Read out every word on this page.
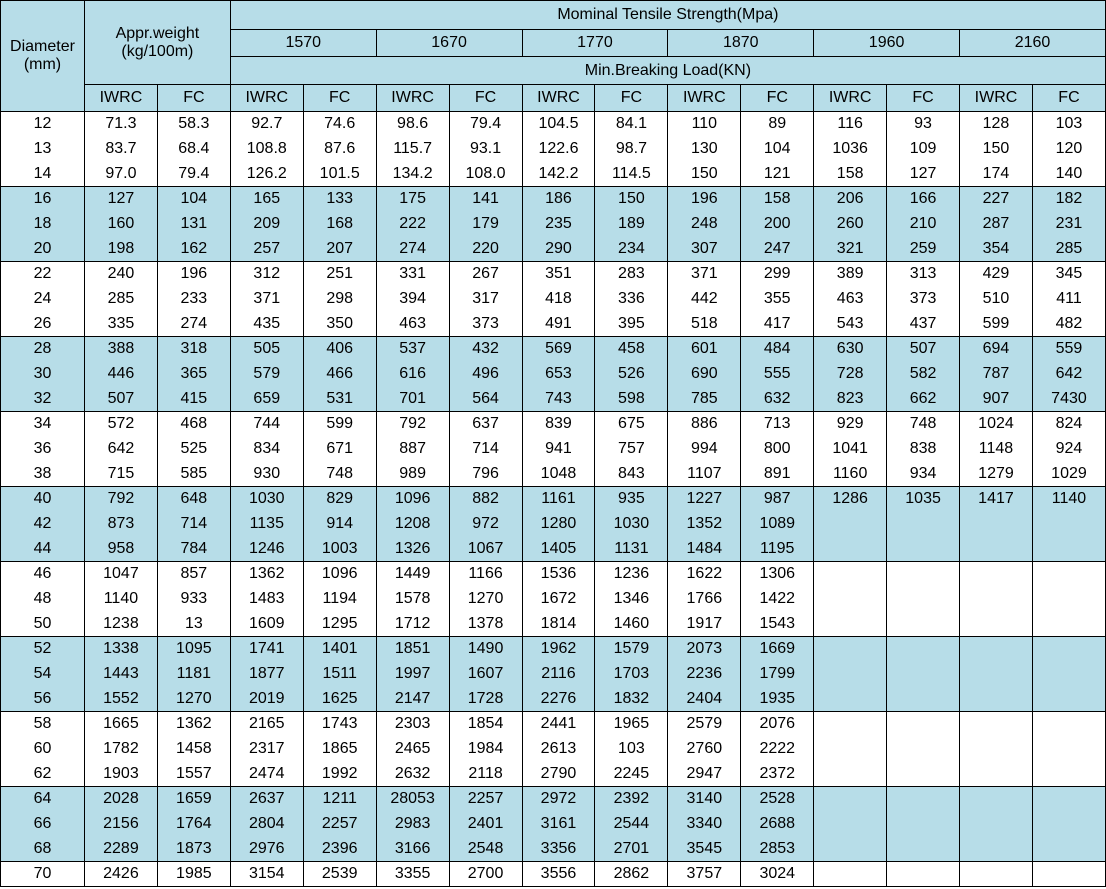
Diameter
(mm)	Appr.weight
(kg/100m)		Mominal Tensile Strength(Mpa)											
			1570		1670		1770		1870		1960		2160	
			Min.Breaking Load(KN)											
	IWRC	FC	IWRC	FC	IWRC	FC	IWRC	FC	IWRC	FC	IWRC	FC	IWRC	FC
12	71.3	58.3	92.7	74.6	98.6	79.4	104.5	84.1	110	89	116	93	128	103
13	83.7	68.4	108.8	87.6	115.7	93.1	122.6	98.7	130	104	1036	109	150	120
14	97.0	79.4	126.2	101.5	134.2	108.0	142.2	114.5	150	121	158	127	174	140
16	127	104	165	133	175	141	186	150	196	158	206	166	227	182
18	160	131	209	168	222	179	235	189	248	200	260	210	287	231
20	198	162	257	207	274	220	290	234	307	247	321	259	354	285
22	240	196	312	251	331	267	351	283	371	299	389	313	429	345
24	285	233	371	298	394	317	418	336	442	355	463	373	510	411
26	335	274	435	350	463	373	491	395	518	417	543	437	599	482
28	388	318	505	406	537	432	569	458	601	484	630	507	694	559
30	446	365	579	466	616	496	653	526	690	555	728	582	787	642
32	507	415	659	531	701	564	743	598	785	632	823	662	907	7430
34	572	468	744	599	792	637	839	675	886	713	929	748	1024	824
36	642	525	834	671	887	714	941	757	994	800	1041	838	1148	924
38	715	585	930	748	989	796	1048	843	1107	891	1160	934	1279	1029
40	792	648	1030	829	1096	882	1161	935	1227	987	1286	1035	1417	1140
42	873	714	1135	914	1208	972	1280	1030	1352	1089				
44	958	784	1246	1003	1326	1067	1405	1131	1484	1195				
46	1047	857	1362	1096	1449	1166	1536	1236	1622	1306				
48	1140	933	1483	1194	1578	1270	1672	1346	1766	1422				
50	1238	13	1609	1295	1712	1378	1814	1460	1917	1543				
52	1338	1095	1741	1401	1851	1490	1962	1579	2073	1669				
54	1443	1181	1877	1511	1997	1607	2116	1703	2236	1799				
56	1552	1270	2019	1625	2147	1728	2276	1832	2404	1935				
58	1665	1362	2165	1743	2303	1854	2441	1965	2579	2076				
60	1782	1458	2317	1865	2465	1984	2613	103	2760	2222				
62	1903	1557	2474	1992	2632	2118	2790	2245	2947	2372				
64	2028	1659	2637	1211	28053	2257	2972	2392	3140	2528				
66	2156	1764	2804	2257	2983	2401	3161	2544	3340	2688				
68	2289	1873	2976	2396	3166	2548	3356	2701	3545	2853				
70	2426	1985	3154	2539	3355	2700	3556	2862	3757	3024				
